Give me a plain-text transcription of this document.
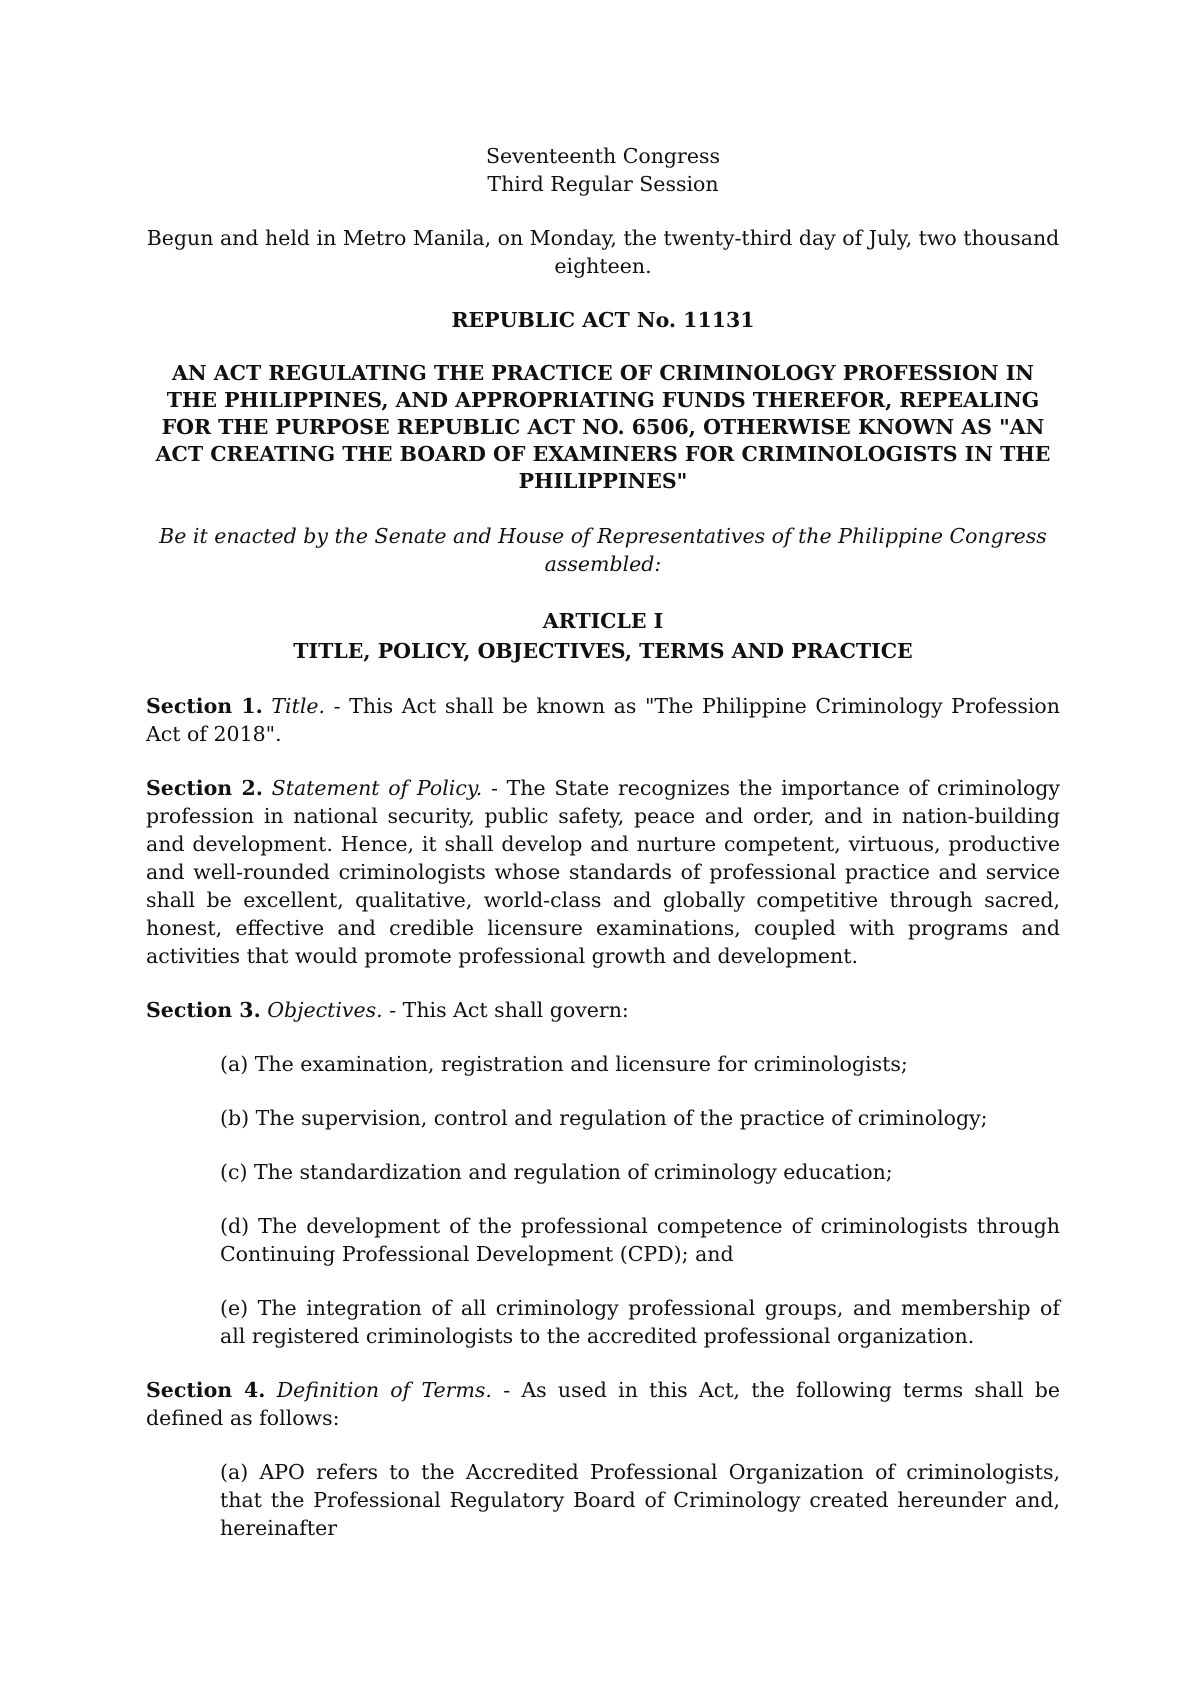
Seventeenth Congress

Third Regular Session

Begun and held in Metro Manila, on Monday, the twenty-third day of July, two thousand eighteen.

REPUBLIC ACT No. 11131

AN ACT REGULATING THE PRACTICE OF CRIMINOLOGY PROFESSION IN THE PHILIPPINES, AND APPROPRIATING FUNDS THEREFOR, REPEALING FOR THE PURPOSE REPUBLIC ACT NO. 6506, OTHERWISE KNOWN AS "AN ACT CREATING THE BOARD OF EXAMINERS FOR CRIMINOLOGISTS IN THE PHILIPPINES"

Be it enacted by the Senate and House of Representatives of the Philippine Congress assembled:

ARTICLE I

TITLE, POLICY, OBJECTIVES, TERMS AND PRACTICE

Section 1. Title. - This Act shall be known as "The Philippine Criminology Profession Act of 2018".

Section 2. Statement of Policy. - The State recognizes the importance of criminology profession in national security, public safety, peace and order, and in nation-building and development. Hence, it shall develop and nurture competent, virtuous, productive and well-rounded criminologists whose standards of professional practice and service shall be excellent, qualitative, world-class and globally competitive through sacred, honest, effective and credible licensure examinations, coupled with programs and activities that would promote professional growth and development.

Section 3. Objectives. - This Act shall govern:

(a) The examination, registration and licensure for criminologists;

(b) The supervision, control and regulation of the practice of criminology;

(c) The standardization and regulation of criminology education;

(d) The development of the professional competence of criminologists through Continuing Professional Development (CPD); and

(e) The integration of all criminology professional groups, and membership of all registered criminologists to the accredited professional organization.

Section 4. Definition of Terms. - As used in this Act, the following terms shall be defined as follows:

(a) APO refers to the Accredited Professional Organization of criminologists, that the Professional Regulatory Board of Criminology created hereunder and, hereinafter
